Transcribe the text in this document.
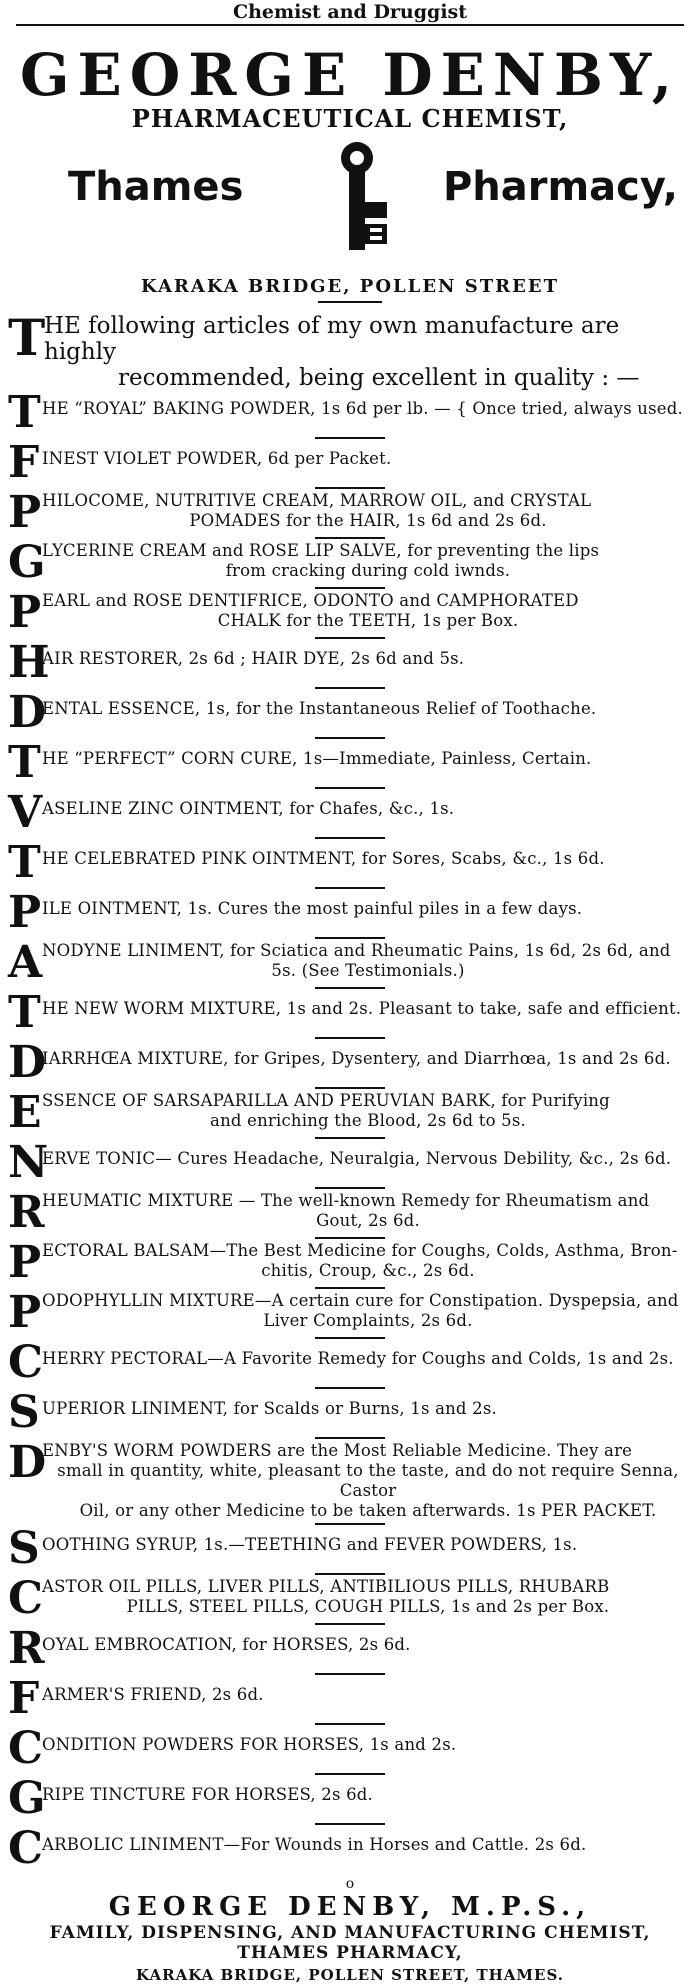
Chemist and Druggist
GEORGE DENBY,
PHARMACEUTICAL CHEMIST,
Thames	Pharmacy,
KARAKA BRIDGE, POLLEN STREET
T
HE following articles of my own manufacture are highly
recommended, being excellent in quality : —
T HE “ROYAL” BAKING POWDER, 1s 6d per lb. — { Once tried, always used.
F INEST VIOLET POWDER, 6d per Packet.
P HILOCOME, NUTRITIVE CREAM, MARROW OIL, and CRYSTAL
POMADES for the HAIR, 1s 6d and 2s 6d.
G
LYCERINE CREAM and ROSE LIP SALVE, for preventing the lips
from cracking during cold iwnds.
P EARL and ROSE DENTIFRICE, ODONTO and CAMPHORATED
CHALK for the TEETH, 1s per Box.
H
AIR RESTORER, 2s 6d ; HAIR DYE, 2s 6d and 5s.
D
ENTAL ESSENCE, 1s, for the Instantaneous Relief of Toothache.
T HE “PERFECT” CORN CURE, 1s—Immediate, Painless, Certain.
V ASELINE ZINC OINTMENT, for Chafes, &c., 1s.
T HE CELEBRATED PINK OINTMENT, for Sores, Scabs, &c., 1s 6d.
P ILE OINTMENT, 1s. Cures the most painful piles in a few days.
A NODYNE LINIMENT, for Sciatica and Rheumatic Pains, 1s 6d, 2s 6d, and
5s. (See Testimonials.)
T HE NEW WORM MIXTURE, 1s and 2s. Pleasant to take, safe and efficient.
D
IARRHŒA MIXTURE, for Gripes, Dysentery, and Diarrhœa, 1s and 2s 6d.
E SSENCE OF SARSAPARILLA AND PERUVIAN BARK, for Purifying
and enriching the Blood, 2s 6d to 5s.
N
ERVE TONIC— Cures Headache, Neuralgia, Nervous Debility, &c., 2s 6d.
R
HEUMATIC MIXTURE — The well-known Remedy for Rheumatism and
Gout, 2s 6d.
P ECTORAL BALSAM—The Best Medicine for Coughs, Colds, Asthma, Bron-
chitis, Croup, &c., 2s 6d.
P ODOPHYLLIN MIXTURE—A certain cure for Constipation. Dyspepsia, and
Liver Complaints, 2s 6d.
C
HERRY PECTORAL—A Favorite Remedy for Coughs and Colds, 1s and 2s.
S UPERIOR LINIMENT, for Scalds or Burns, 1s and 2s.
D
ENBY'S WORM POWDERS are the Most Reliable Medicine. They are
small in quantity, white, pleasant to the taste, and do not require Senna, Castor
Oil, or any other Medicine to be taken afterwards. 1s PER PACKET.
S OOTHING SYRUP, 1s.—TEETHING and FEVER POWDERS, 1s.
C
ASTOR OIL PILLS, LIVER PILLS, ANTIBILIOUS PILLS, RHUBARB
PILLS, STEEL PILLS, COUGH PILLS, 1s and 2s per Box.
R
OYAL EMBROCATION, for HORSES, 2s 6d.
F ARMER'S FRIEND, 2s 6d.
C
ONDITION POWDERS FOR HORSES, 1s and 2s.
G
RIPE TINCTURE FOR HORSES, 2s 6d.
C
ARBOLIC LINIMENT—For Wounds in Horses and Cattle. 2s 6d.
o
GEORGE DENBY, M.P.S.,
FAMILY, DISPENSING, AND MANUFACTURING CHEMIST,
THAMES PHARMACY,
KARAKA BRIDGE, POLLEN STREET, THAMES.
